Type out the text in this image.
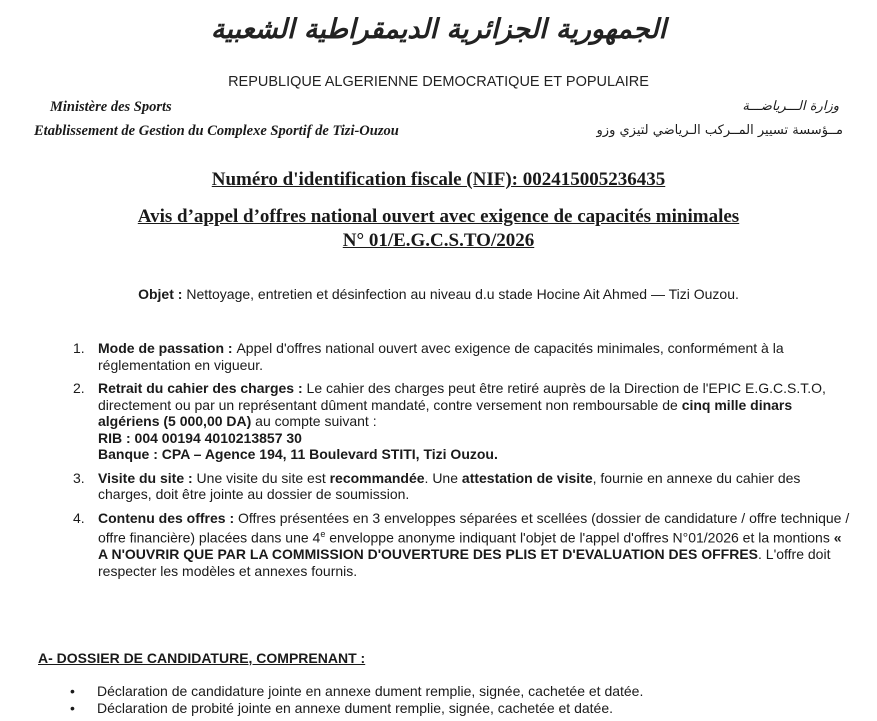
الجمهورية الجزائرية الديمقراطية الشعبية
REPUBLIQUE ALGERIENNE DEMOCRATIQUE ET POPULAIRE
Ministère des Sports
Etablissement de Gestion du Complexe Sportif de Tizi-Ouzou
وزارة الـــرياضـــة
مــؤسسة تسيير المــركب الـرياضي لتيزي وزو
Numéro d'identification fiscale (NIF): 002415005236435
Avis d’appel d’offres national ouvert avec exigence de capacités minimales
N° 01/E.G.C.S.TO/2026
Objet : Nettoyage, entretien et désinfection au niveau d.u stade Hocine Ait Ahmed — Tizi Ouzou.
1. Mode de passation : Appel d'offres national ouvert avec exigence de capacités minimales, conformément à la réglementation en vigueur.
2. Retrait du cahier des charges : Le cahier des charges peut être retiré auprès de la Direction de l'EPIC E.G.C.S.T.O, directement ou par un représentant dûment mandaté, contre versement non remboursable de cinq mille dinars algériens (5 000,00 DA) au compte suivant :
RIB : 004 00194 4010213857 30
Banque : CPA – Agence 194, 11 Boulevard STITI, Tizi Ouzou.
3. Visite du site : Une visite du site est recommandée. Une attestation de visite, fournie en annexe du cahier des charges, doit être jointe au dossier de soumission.
4. Contenu des offres : Offres présentées en 3 enveloppes séparées et scellées (dossier de candidature / offre technique / offre financière) placées dans une 4e enveloppe anonyme indiquant l'objet de l'appel d'offres N°01/2026 et la montions « A N'OUVRIR QUE PAR LA COMMISSION D'OUVERTURE DES PLIS ET D'EVALUATION DES OFFRES. L'offre doit respecter les modèles et annexes fournis.
A- DOSSIER DE CANDIDATURE, COMPRENANT :
•	Déclaration de candidature jointe en annexe dument remplie, signée, cachetée et datée.
•	Déclaration de probité jointe en annexe dument remplie, signée, cachetée et datée.
